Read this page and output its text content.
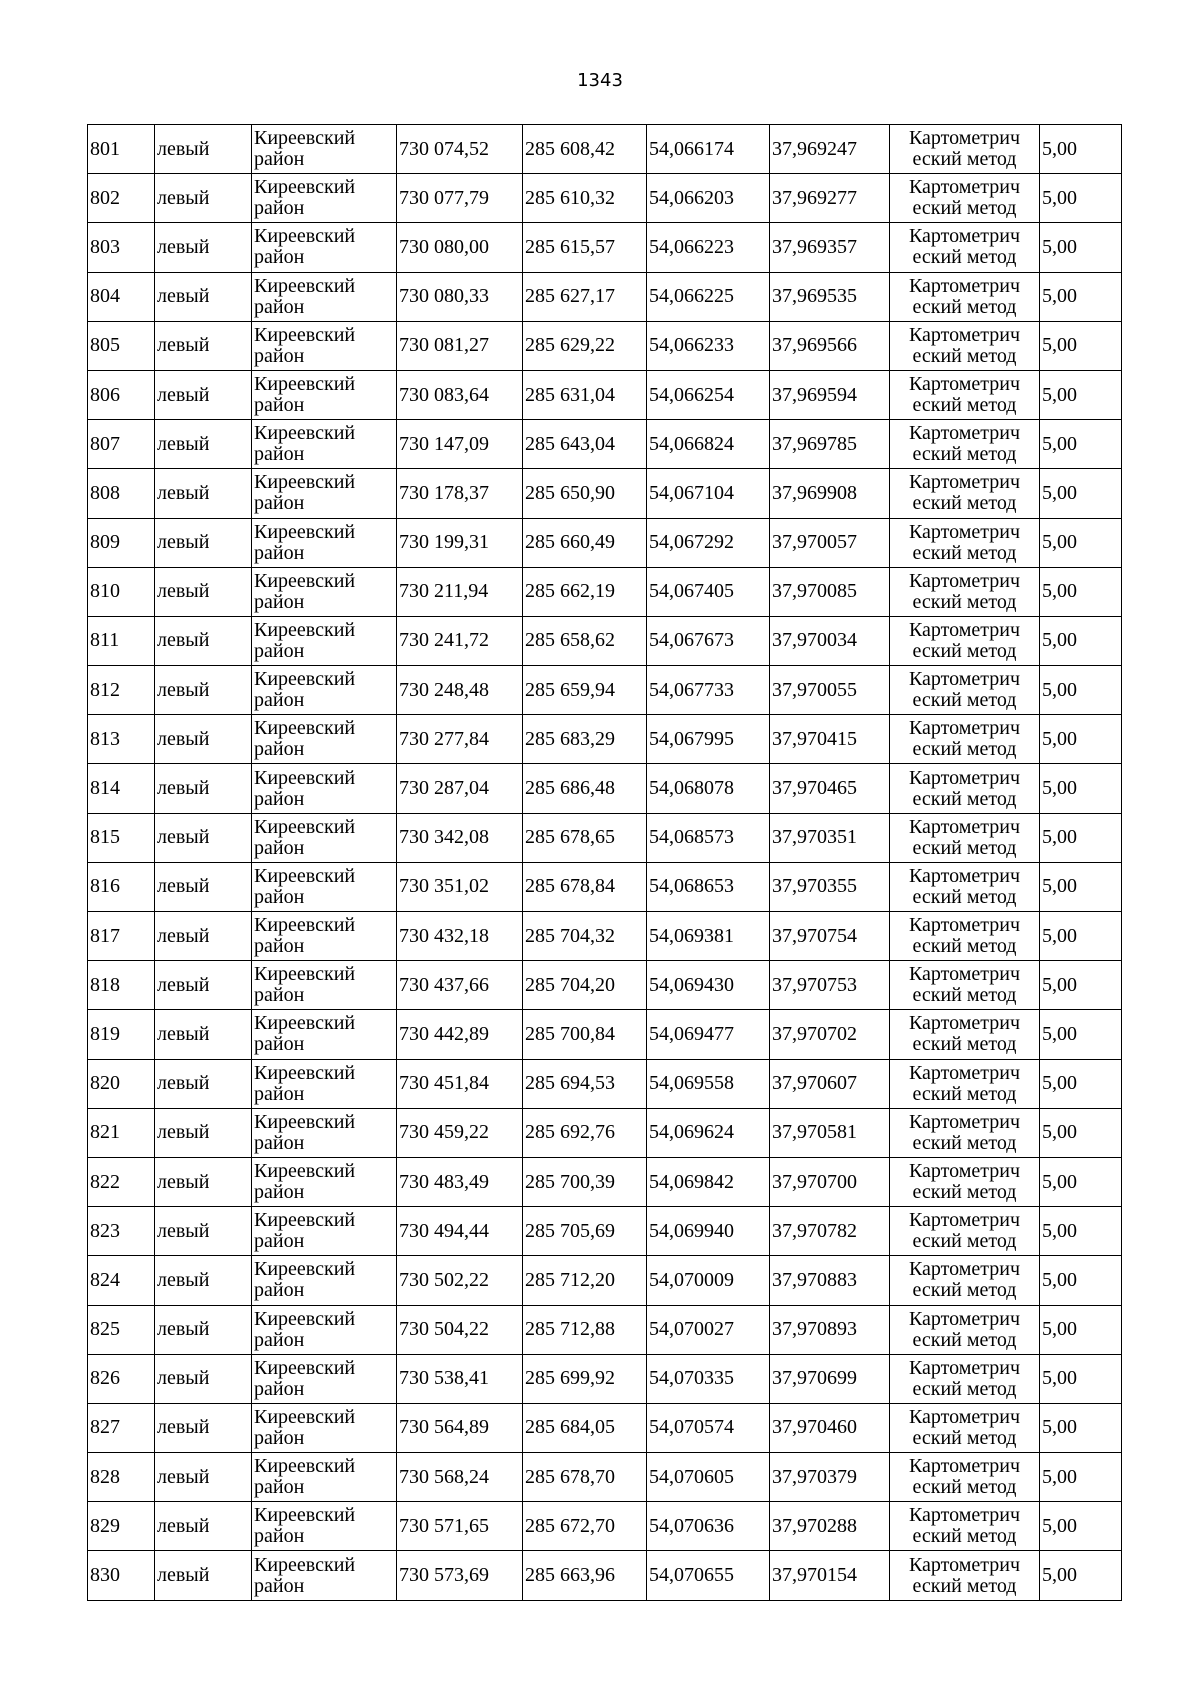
1343
801	левый	Киреевский район	730 074,52	285 608,42	54,066174	37,969247	Картометрич еский метод	5,00
802	левый	Киреевский район	730 077,79	285 610,32	54,066203	37,969277	Картометрич еский метод	5,00
803	левый	Киреевский район	730 080,00	285 615,57	54,066223	37,969357	Картометрич еский метод	5,00
804	левый	Киреевский район	730 080,33	285 627,17	54,066225	37,969535	Картометрич еский метод	5,00
805	левый	Киреевский район	730 081,27	285 629,22	54,066233	37,969566	Картометрич еский метод	5,00
806	левый	Киреевский район	730 083,64	285 631,04	54,066254	37,969594	Картометрич еский метод	5,00
807	левый	Киреевский район	730 147,09	285 643,04	54,066824	37,969785	Картометрич еский метод	5,00
808	левый	Киреевский район	730 178,37	285 650,90	54,067104	37,969908	Картометрич еский метод	5,00
809	левый	Киреевский район	730 199,31	285 660,49	54,067292	37,970057	Картометрич еский метод	5,00
810	левый	Киреевский район	730 211,94	285 662,19	54,067405	37,970085	Картометрич еский метод	5,00
811	левый	Киреевский район	730 241,72	285 658,62	54,067673	37,970034	Картометрич еский метод	5,00
812	левый	Киреевский район	730 248,48	285 659,94	54,067733	37,970055	Картометрич еский метод	5,00
813	левый	Киреевский район	730 277,84	285 683,29	54,067995	37,970415	Картометрич еский метод	5,00
814	левый	Киреевский район	730 287,04	285 686,48	54,068078	37,970465	Картометрич еский метод	5,00
815	левый	Киреевский район	730 342,08	285 678,65	54,068573	37,970351	Картометрич еский метод	5,00
816	левый	Киреевский район	730 351,02	285 678,84	54,068653	37,970355	Картометрич еский метод	5,00
817	левый	Киреевский район	730 432,18	285 704,32	54,069381	37,970754	Картометрич еский метод	5,00
818	левый	Киреевский район	730 437,66	285 704,20	54,069430	37,970753	Картометрич еский метод	5,00
819	левый	Киреевский район	730 442,89	285 700,84	54,069477	37,970702	Картометрич еский метод	5,00
820	левый	Киреевский район	730 451,84	285 694,53	54,069558	37,970607	Картометрич еский метод	5,00
821	левый	Киреевский район	730 459,22	285 692,76	54,069624	37,970581	Картометрич еский метод	5,00
822	левый	Киреевский район	730 483,49	285 700,39	54,069842	37,970700	Картометрич еский метод	5,00
823	левый	Киреевский район	730 494,44	285 705,69	54,069940	37,970782	Картометрич еский метод	5,00
824	левый	Киреевский район	730 502,22	285 712,20	54,070009	37,970883	Картометрич еский метод	5,00
825	левый	Киреевский район	730 504,22	285 712,88	54,070027	37,970893	Картометрич еский метод	5,00
826	левый	Киреевский район	730 538,41	285 699,92	54,070335	37,970699	Картометрич еский метод	5,00
827	левый	Киреевский район	730 564,89	285 684,05	54,070574	37,970460	Картометрич еский метод	5,00
828	левый	Киреевский район	730 568,24	285 678,70	54,070605	37,970379	Картометрич еский метод	5,00
829	левый	Киреевский район	730 571,65	285 672,70	54,070636	37,970288	Картометрич еский метод	5,00
830	левый	Киреевский район	730 573,69	285 663,96	54,070655	37,970154	Картометрич еский метод	5,00
